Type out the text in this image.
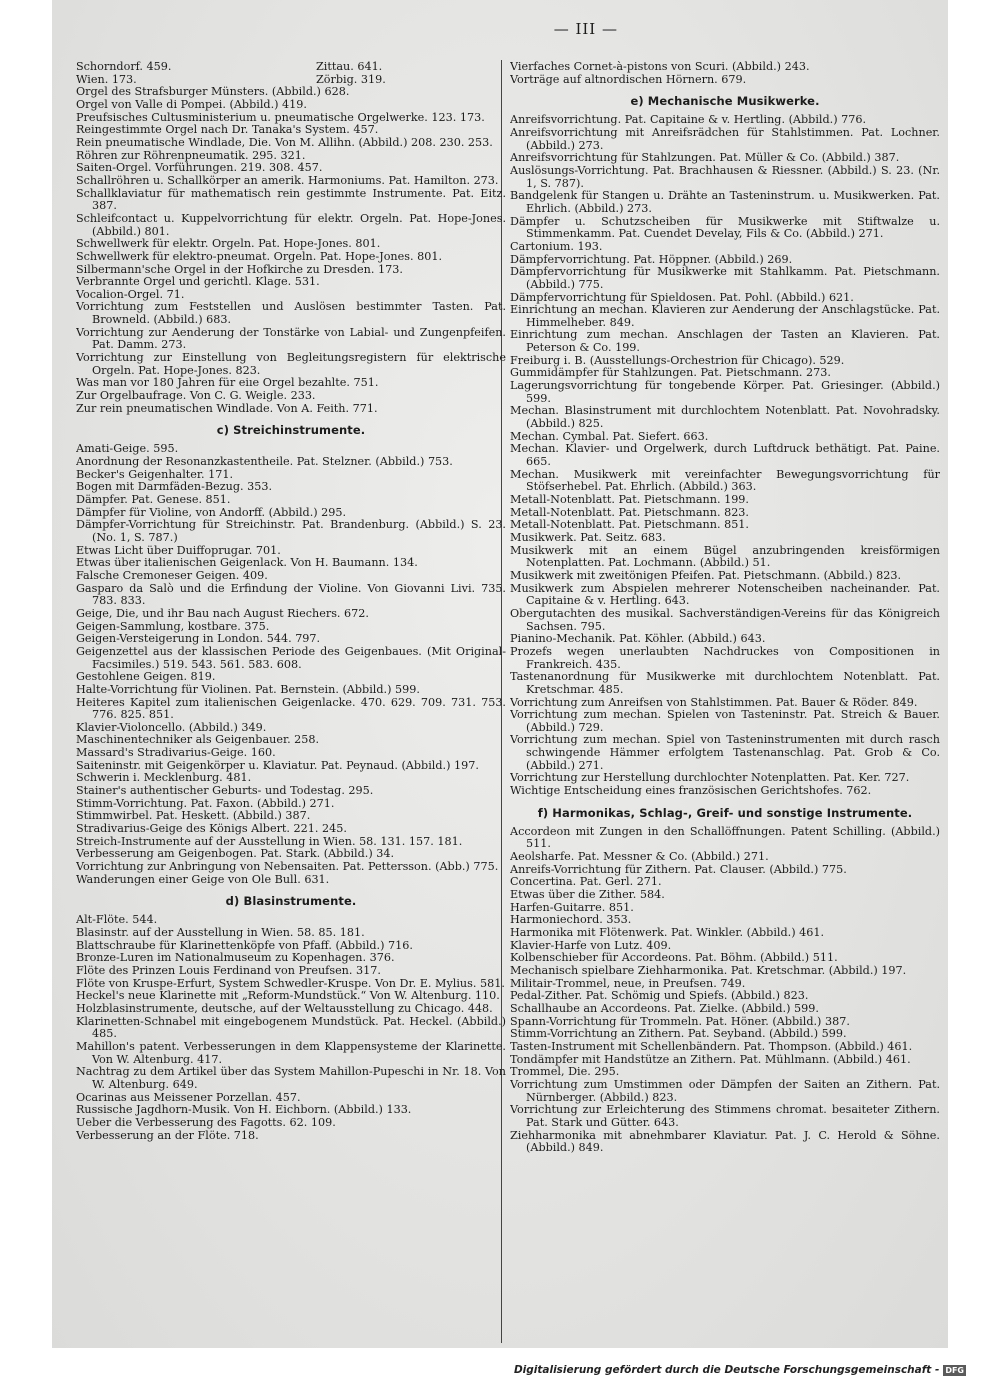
— III —
Schorndorf. 459.	Zittau. 641.
Wien. 173.	Zörbig. 319.
Orgel des Strafsburger Münsters. (Abbild.) 628.
Orgel von Valle di Pompei. (Abbild.) 419.
Preufsisches Cultusministerium u. pneumatische Orgelwerke. 123. 173.
Reingestimmte Orgel nach Dr. Tanaka's System. 457.
Rein pneumatische Windlade, Die. Von M. Allihn. (Abbild.) 208. 230. 253.
Röhren zur Röhrenpneumatik. 295. 321.
Saiten-Orgel. Vorführungen. 219. 308. 457.
Schallröhren u. Schallkörper an amerik. Harmoniums. Pat. Hamilton. 273.
Schallklaviatur für mathematisch rein gestimmte Instrumente. Pat. Eitz. 387.
Schleifcontact u. Kuppelvorrichtung für elektr. Orgeln. Pat. Hope-Jones. (Abbild.) 801.
Schwellwerk für elektr. Orgeln. Pat. Hope-Jones. 801.
Schwellwerk für elektro-pneumat. Orgeln. Pat. Hope-Jones. 801.
Silbermann'sche Orgel in der Hofkirche zu Dresden. 173.
Verbrannte Orgel und gerichtl. Klage. 531.
Vocalion-Orgel. 71.
Vorrichtung zum Feststellen und Auslösen bestimmter Tasten. Pat. Browneld. (Abbild.) 683.
Vorrichtung zur Aenderung der Tonstärke von Labial- und Zungenpfeifen. Pat. Damm. 273.
Vorrichtung zur Einstellung von Begleitungsregistern für elektrische Orgeln. Pat. Hope-Jones. 823.
Was man vor 180 Jahren für ei⁠ıe Orgel bezahlte. 751.
Zur Orgelbaufrage. Von C. G. Weigle. 233.
Zur rein pneumatischen Windlade. Von A. Feith. 771.
c) Streichinstrumente.
Amati-Geige. 595.
Anordnung der Resonanzkastentheile. Pat. Stelzner. (Abbild.) 753.
Becker's Geigenhalter. 171.
Bogen mit Darmfäden-Bezug. 353.
Dämpfer. Pat. Genese. 851.
Dämpfer für Violine, von Andorff. (Abbild.) 295.
Dämpfer-Vorrichtung für Streichinstr. Pat. Brandenburg. (Abbild.) S. 23. (No. 1, S. 787.)
Etwas Licht über Duiffoprugar. 701.
Etwas über italienischen Geigenlack. Von H. Baumann. 134.
Falsche Cremoneser Geigen. 409.
Gasparo da Salò und die Erfindung der Violine. Von Giovanni Livi. 735. 783. 833.
Geige, Die, und ihr Bau nach August Riechers. 672.
Geigen-Sammlung, kostbare. 375.
Geigen-Versteigerung in London. 544. 797.
Geigenzettel aus der klassischen Periode des Geigenbaues. (Mit Original-Facsimiles.) 519. 543. 561. 583. 608.
Gestohlene Geigen. 819.
Halte-Vorrichtung für Violinen. Pat. Bernstein. (Abbild.) 599.
Heiteres Kapitel zum italienischen Geigenlacke. 470. 629. 709. 731. 753. 776. 825. 851.
Klavier-Violoncello. (Abbild.) 349.
Maschinentechniker als Geigenbauer. 258.
Massard's Stradivarius-Geige. 160.
Saiteninstr. mit Geigenkörper u. Klaviatur. Pat. Peynaud. (Abbild.) 197.
Schwerin i. Mecklenburg. 481.
Stainer's authentischer Geburts- und Todestag. 295.
Stimm-Vorrichtung. Pat. Faxon. (Abbild.) 271.
Stimmwirbel. Pat. Heskett. (Abbild.) 387.
Stradivarius-Geige des Königs Albert. 221. 245.
Streich-Instrumente auf der Ausstellung in Wien. 58. 131. 157. 181.
Verbesserung am Geigenbogen. Pat. Stark. (Abbild.) 34.
Vorrichtung zur Anbringung von Nebensaiten. Pat. Pettersson. (Abb.) 775.
Wanderungen einer Geige von Ole Bull. 631.
d) Blasinstrumente.
Alt-Flöte. 544.
Blasinstr. auf der Ausstellung in Wien. 58. 85. 181.
Blattschraube für Klarinettenköpfe von Pfaff. (Abbild.) 716.
Bronze-Luren im Nationalmuseum zu Kopenhagen. 376.
Flöte des Prinzen Louis Ferdinand von Preufsen. 317.
Flöte von Kruspe-Erfurt, System Schwedler-Kruspe. Von Dr. E. Mylius. 581.
Heckel's neue Klarinette mit „Reform-Mundstück.“ Von W. Altenburg. 110.
Holzblasinstrumente, deutsche, auf der Weltausstellung zu Chicago. 448.
Klarinetten-Schnabel mit eingebogenem Mundstück. Pat. Heckel. (Abbild.) 485.
Mahillon's patent. Verbesserungen in dem Klappensysteme der Klarinette. Von W. Altenburg. 417.
Nachtrag zu dem Artikel über das System Mahillon-Pupeschi in Nr. 18. Von W. Altenburg. 649.
Ocarinas aus Meissener Porzellan. 457.
Russische Jagdhorn-Musik. Von H. Eichborn. (Abbild.) 133.
Ueber die Verbesserung des Fagotts. 62. 109.
Verbesserung an der Flöte. 718.
Vierfaches Cornet-à-pistons von Scuri. (Abbild.) 243.
Vorträge auf altnordischen Hörnern. 679.
e) Mechanische Musikwerke.
Anreifsvorrichtung. Pat. Capitaine & v. Hertling. (Abbild.) 776.
Anreifsvorrichtung mit Anreifsrädchen für Stahlstimmen. Pat. Lochner. (Abbild.) 273.
Anreifsvorrichtung für Stahlzungen. Pat. Müller & Co. (Abbild.) 387.
Auslösungs-Vorrichtung. Pat. Brachhausen & Riessner. (Abbild.) S. 23. (Nr. 1, S. 787).
Bandgelenk für Stangen u. Drähte an Tasteninstrum. u. Musikwerken. Pat. Ehrlich. (Abbild.) 273.
Dämpfer u. Schutzscheiben für Musikwerke mit Stiftwalze u. Stimmenkamm. Pat. Cuendet Develay, Fils & Co. (Abbild.) 271.
Cartonium. 193.
Dämpfervorrichtung. Pat. Höppner. (Abbild.) 269.
Dämpfervorrichtung für Musikwerke mit Stahlkamm. Pat. Pietschmann. (Abbild.) 775.
Dämpfervorrichtung für Spieldosen. Pat. Pohl. (Abbild.) 621.
Einrichtung an mechan. Klavieren zur Aenderung der Anschlagstücke. Pat. Himmelheber. 849.
Einrichtung zum mechan. Anschlagen der Tasten an Klavieren. Pat. Peterson & Co. 199.
Freiburg i. B. (Ausstellungs-Orchestrion für Chicago). 529.
Gummidämpfer für Stahlzungen. Pat. Pietschmann. 273.
Lagerungsvorrichtung für tongebende Körper. Pat. Griesinger. (Abbild.) 599.
Mechan. Blasinstrument mit durchlochtem Notenblatt. Pat. Novohradsky. (Abbild.) 825.
Mechan. Cymbal. Pat. Siefert. 663.
Mechan. Klavier- und Orgelwerk, durch Luftdruck bethätigt. Pat. Paine. 665.
Mechan. Musikwerk mit vereinfachter Bewegungsvorrichtung für Stöfserhebel. Pat. Ehrlich. (Abbild.) 363.
Metall-Notenblatt. Pat. Pietschmann. 199.
Metall-Notenblatt. Pat. Pietschmann. 823.
Metall-Notenblatt. Pat. Pietschmann. 851.
Musikwerk. Pat. Seitz. 683.
Musikwerk mit an einem Bügel anzubringenden kreisförmigen Notenplatten. Pat. Lochmann. (Abbild.) 51.
Musikwerk mit zweitönigen Pfeifen. Pat. Pietschmann. (Abbild.) 823.
Musikwerk zum Abspielen mehrerer Notenscheiben nacheinander. Pat. Capitaine & v. Hertling. 643.
Obergutachten des musikal. Sachverständigen-Vereins für das Königreich Sachsen. 795.
Pianino-Mechanik. Pat. Köhler. (Abbild.) 643.
Prozefs wegen unerlaubten Nachdruckes von Compositionen in Frankreich. 435.
Tastenanordnung für Musikwerke mit durchlochtem Notenblatt. Pat. Kretschmar. 485.
Vorrichtung zum Anreifsen von Stahlstimmen. Pat. Bauer & Röder. 849.
Vorrichtung zum mechan. Spielen von Tasteninstr. Pat. Streich & Bauer. (Abbild.) 729.
Vorrichtung zum mechan. Spiel von Tasteninstrumenten mit durch rasch schwingende Hämmer erfolgtem Tastenanschlag. Pat. Grob & Co. (Abbild.) 271.
Vorrichtung zur Herstellung durchlochter Notenplatten. Pat. Ker. 727.
Wichtige Entscheidung eines französischen Gerichtshofes. 762.
f) Harmonikas, Schlag-, Greif- und sonstige Instrumente.
Accordeon mit Zungen in den Schallöffnungen. Patent Schilling. (Abbild.) 511.
Aeolsharfe. Pat. Messner & Co. (Abbild.) 271.
Anreifs-Vorrichtung für Zithern. Pat. Clauser. (Abbild.) 775.
Concertina. Pat. Gerl. 271.
Etwas über die Zither. 584.
Harfen-Guitarre. 851.
Harmoniechord. 353.
Harmonika mit Flötenwerk. Pat. Winkler. (Abbild.) 461.
Klavier-Harfe von Lutz. 409.
Kolbenschieber für Accordeons. Pat. Böhm. (Abbild.) 511.
Mechanisch spielbare Ziehharmonika. Pat. Kretschmar. (Abbild.) 197.
Militair-Trommel, neue, in Preufsen. 749.
Pedal-Zither. Pat. Schömig und Spiefs. (Abbild.) 823.
Schallhaube an Accordeons. Pat. Zielke. (Abbild.) 599.
Spann-Vorrichtung für Trommeln. Pat. Höner. (Abbild.) 387.
Stimm-Vorrichtung an Zithern. Pat. Seyband. (Abbild.) 599.
Tasten-Instrument mit Schellenbändern. Pat. Thompson. (Abbild.) 461.
Tondämpfer mit Handstütze an Zithern. Pat. Mühlmann. (Abbild.) 461.
Trommel, Die. 295.
Vorrichtung zum Umstimmen oder Dämpfen der Saiten an Zithern. Pat. Nürnberger. (Abbild.) 823.
Vorrichtung zur Erleichterung des Stimmens chromat. besaiteter Zithern. Pat. Stark und Gütter. 643.
Ziehharmonika mit abnehmbarer Klaviatur. Pat. J. C. Herold & Söhne. (Abbild.) 849.
Digitalisierung gefördert durch die Deutsche Forschungsgemeinschaft - DFG
